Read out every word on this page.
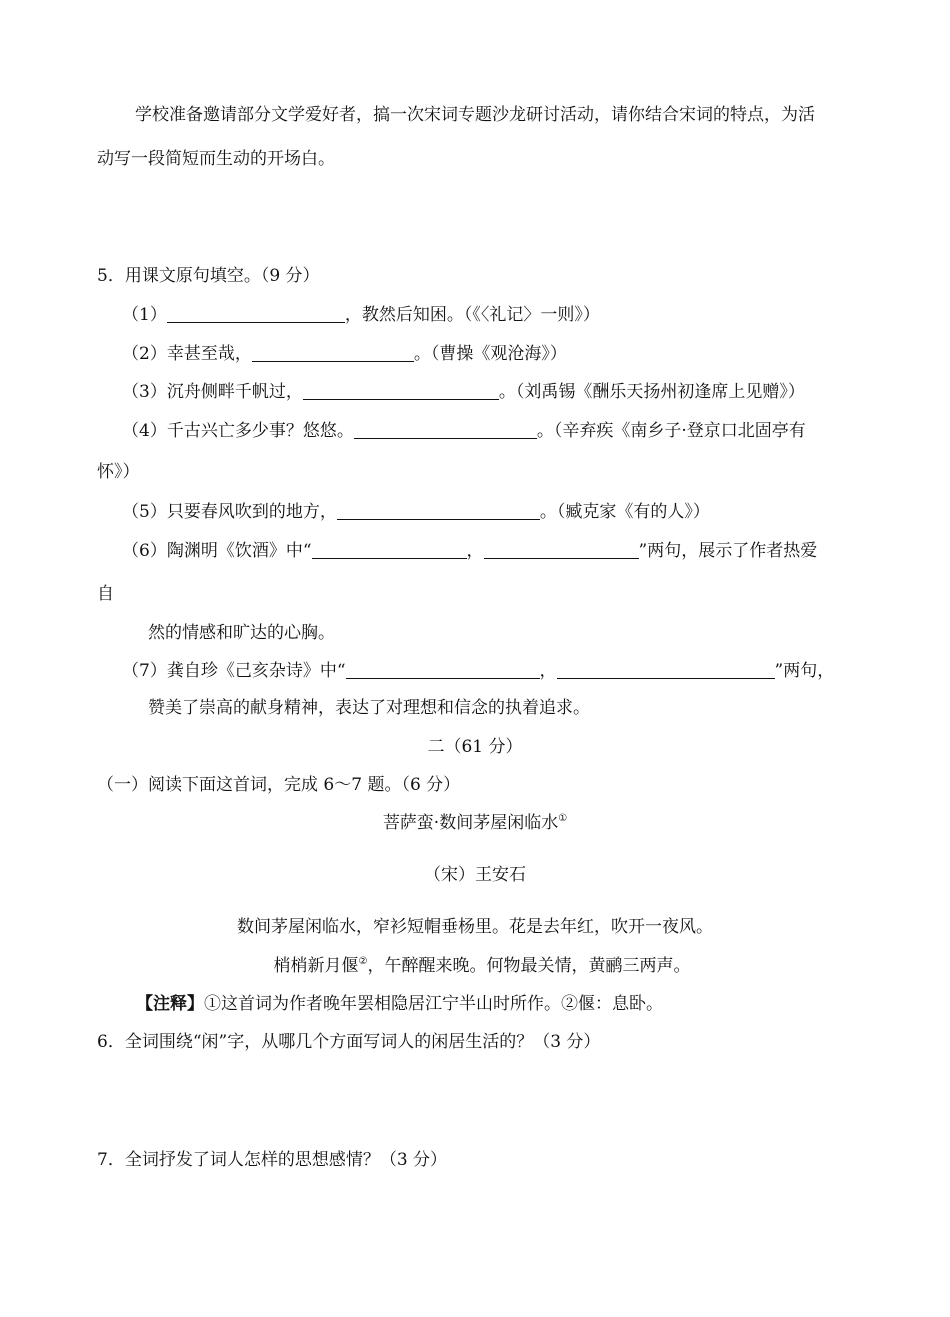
学校准备邀请部分文学爱好者，搞一次宋词专题沙龙研讨活动，请你结合宋词的特点，为活
动写一段简短而生动的开场白。
5．用课文原句填空。（9 分）
（1）	，教然后知困。（《〈礼记〉一则》）
（2）幸甚至哉，	。（曹操《观沧海》）
（3）沉舟侧畔千帆过，	。（刘禹锡《酬乐天扬州初逢席上见赠》）
（4）千古兴亡多少事？悠悠。	。（辛弃疾《南乡子·登京口北固亭有
怀》）
（5）只要春风吹到的地方，	。（臧克家《有的人》）
（6）陶渊明《饮酒》中“	，	”两句，展示了作者热爱
自
然的情感和旷达的心胸。
（7）龚自珍《己亥杂诗》中“	，	”两句，
赞美了崇高的献身精神，表达了对理想和信念的执着追求。
二（61 分）
（一）阅读下面这首词，完成 6～7 题。（6 分）
菩萨蛮·数间茅屋闲临水①
（宋）王安石
数间茅屋闲临水，窄衫短帽垂杨里。花是去年红，吹开一夜风。
梢梢新月偃②，午醉醒来晚。何物最关情，黄鹂三两声。
【注释】①这首词为作者晚年罢相隐居江宁半山时所作。②偃：息卧。
6．全词围绕“闲”字，从哪几个方面写词人的闲居生活的？（3 分）
7．全词抒发了词人怎样的思想感情？（3 分）
